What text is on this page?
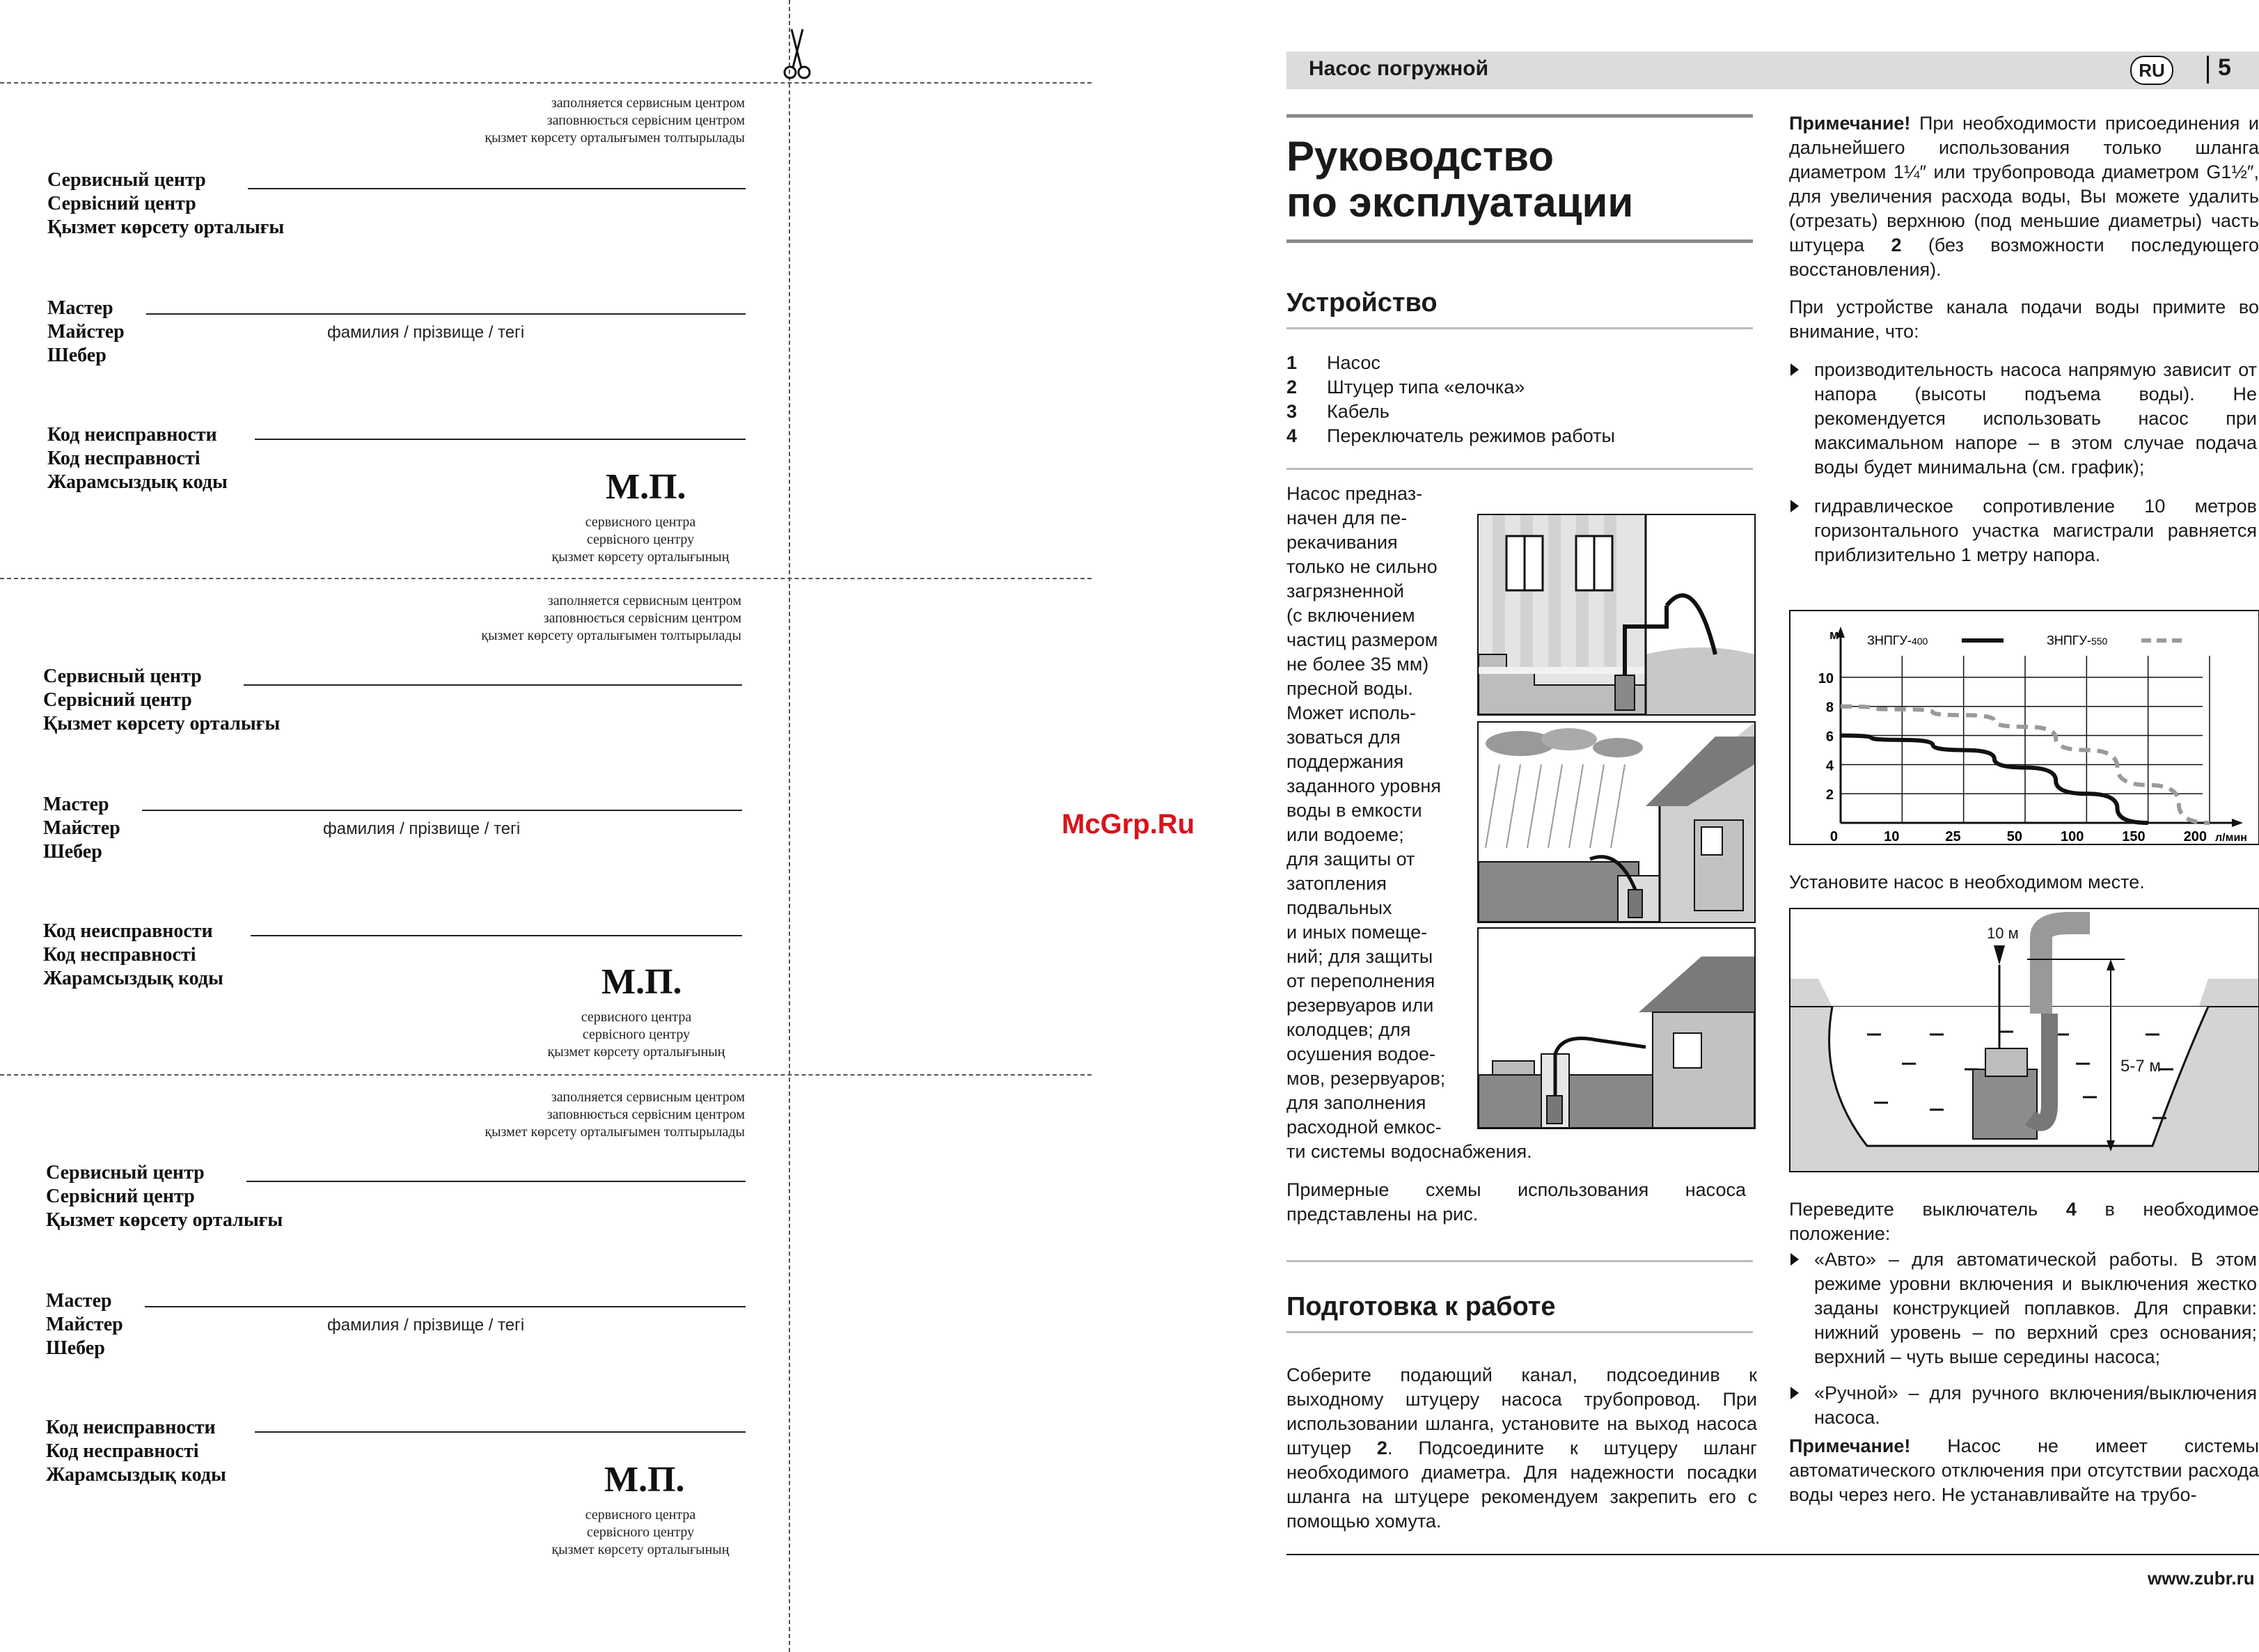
заполняется сервисным центром
заповнюється сервісним центром
қызмет көрсету орталығымен толтырылады
Сервисный центр
Сервісний центр
Қызмет көрсету орталығы
Мастер
Майстер
Шебер
фамилия / прізвище / тегі
Код неисправности
Код несправності
Жарамсыздық коды	М.П.
сервисного центра
сервісного центру
қызмет көрсету орталығының
заполняется сервисным центром
заповнюється сервісним центром
қызмет көрсету орталығымен толтырылады
Сервисный центр
Сервісний центр
Қызмет көрсету орталығы
Мастер
Майстер
Шебер
фамилия / прізвище / тегі
Код неисправности
Код несправності
Жарамсыздық коды	М.П.
сервисного центра
сервісного центру
қызмет көрсету орталығының
заполняется сервисным центром
заповнюється сервісним центром
қызмет көрсету орталығымен толтырылады
Сервисный центр
Сервісний центр
Қызмет көрсету орталығы
Мастер
Майстер
Шебер
фамилия / прізвище / тегі
Код неисправности
Код несправності
Жарамсыздық коды	М.П.
сервисного центра
сервісного центру
қызмет көрсету орталығының
McGrp.Ru
Насос погружной	RU	5
Руководство
по эксплуатации
Устройство
1 Насос
2 Штуцер типа «елочка»
3 Кабель
4 Переключатель режимов работы
Насос предназ-
начен для пе-
рекачивания
только не сильно
загрязненной
(с включением
частиц размером
не более 35 мм)
пресной воды.
Может исполь-
зоваться для
поддержания
заданного уровня
воды в емкости
или водоеме;
для защиты от
затопления
подвальных
и иных помеще-
ний; для защиты
от переполнения
резервуаров или
колодцев; для
осушения водое-
мов, резервуаров;
для заполнения
расходной емкос-
ти системы водоснабжения.
Примерные схемы использования насоса представлены на рис.
Подготовка к работе
Соберите подающий канал, подсоединив к выходному штуцеру насоса трубопровод. При использовании шланга, установите на выход насоса штуцер 2. Подсоедините к штуцеру шланг необходимого диаметра. Для надежности посадки шланга на штуцере рекомендуем закрепить его с помощью хомута.
Примечание! При необходимости присоединения и дальнейшего использования только шланга диаметром 1¼″ или трубопровода диаметром G1½″, для увеличения расхода воды, Вы можете удалить (отрезать) верхнюю (под меньшие диаметры) часть штуцера 2 (без возможности последующего восстановления).
При устройстве канала подачи воды примите во внимание, что:
производительность насоса напрямую зависит от напора (высоты подъема воды). Не рекомендуется использовать насос при максимальном напоре – в этом случае подача воды будет минимальна (см. график);
гидравлическое сопротивление 10 метров горизонтального участка магистрали равняется приблизительно 1 метру напора.
2
4
6
8
10
0	10	25	50	100	150	200
м
л/мин
ЗНПГУ-400	ЗНПГУ-550
Установите насос в необходимом месте.
10 м
5-7 м
Переведите выключатель 4 в необходимое положение:
«Авто» – для автоматической работы. В этом режиме уровни включения и выключения жестко заданы конструкцией поплавков. Для справки: нижний уровень – по верхний срез основания; верхний – чуть выше середины насоса;
«Ручной» – для ручного включения/выключения насоса.
Примечание! Насос не имеет системы автоматического отключения при отсутствии расхода воды через него. Не устанавливайте на трубо-
www.zubr.ru
